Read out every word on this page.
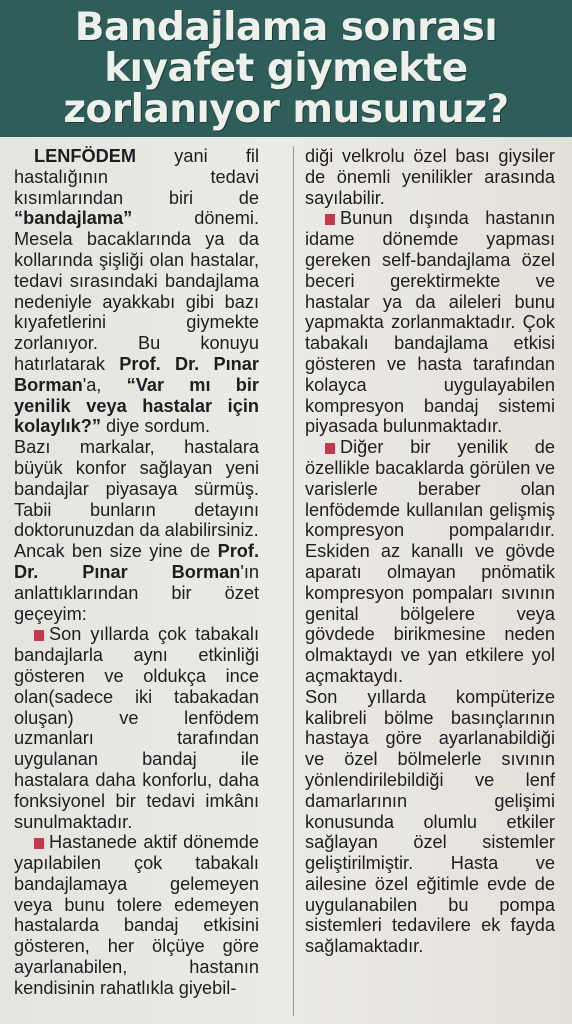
Bandajlama sonrası kıyafet giymekte zorlanıyor musunuz?

LENFÖDEM yani fil hastalığının tedavi kısımlarından biri de “bandajlama” dönemi. Mesela bacaklarında ya da kollarında şişliği olan hastalar, tedavi sırasındaki bandajlama nedeniyle ayakkabı gibi bazı kıyafetlerini giymekte zorlanıyor. Bu konuyu hatırlatarak Prof. Dr. Pınar Borman'a, “Var mı bir yenilik veya hastalar için kolaylık?” diye sordum.

Bazı markalar, hastalara büyük konfor sağlayan yeni bandajlar piyasaya sürmüş. Tabii bunların detayını doktorunuzdan da alabilirsiniz.

Ancak ben size yine de Prof. Dr. Pınar Borman'ın anlattıklarından bir özet geçeyim:

Son yıllarda çok tabakalı bandajlarla aynı etkinliği gösteren ve oldukça ince olan(sadece iki tabakadan oluşan) ve lenfödem uzmanları tarafından uygulanan bandaj ile hastalara daha konforlu, daha fonksiyonel bir tedavi imkânı sunulmaktadır.

Hastanede aktif dönemde yapılabilen çok tabakalı bandajlamaya gelemeyen veya bunu tolere edemeyen hastalarda bandaj etkisini gösteren, her ölçüye göre ayarlanabilen, hastanın kendisinin rahatlıkla giyebil-

diği velkrolu özel bası giysiler de önemli yenilikler arasında sayılabilir.

Bunun dışında hastanın idame dönemde yapması gereken self-bandajlama özel beceri gerektirmekte ve hastalar ya da aileleri bunu yapmakta zorlanmaktadır. Çok tabakalı bandajlama etkisi gösteren ve hasta tarafından kolayca uygulayabilen kompresyon bandaj sistemi piyasada bulunmaktadır.

Diğer bir yenilik de özellikle bacaklarda görülen ve varislerle beraber olan lenfödemde kullanılan gelişmiş kompresyon pompalarıdır. Eskiden az kanallı ve gövde aparatı olmayan pnömatik kompresyon pompaları sıvının genital bölgelere veya gövdede birikmesine neden olmaktaydı ve yan etkilere yol açmaktaydı.

Son yıllarda kompüterize kalibreli bölme basınçlarının hastaya göre ayarlanabildiği ve özel bölmelerle sıvının yönlendirilebildiği ve lenf damarlarının gelişimi konusunda olumlu etkiler sağlayan özel sistemler geliştirilmiştir. Hasta ve ailesine özel eğitimle evde de uygulanabilen bu pompa sistemleri tedavilere ek fayda sağlamaktadır.
